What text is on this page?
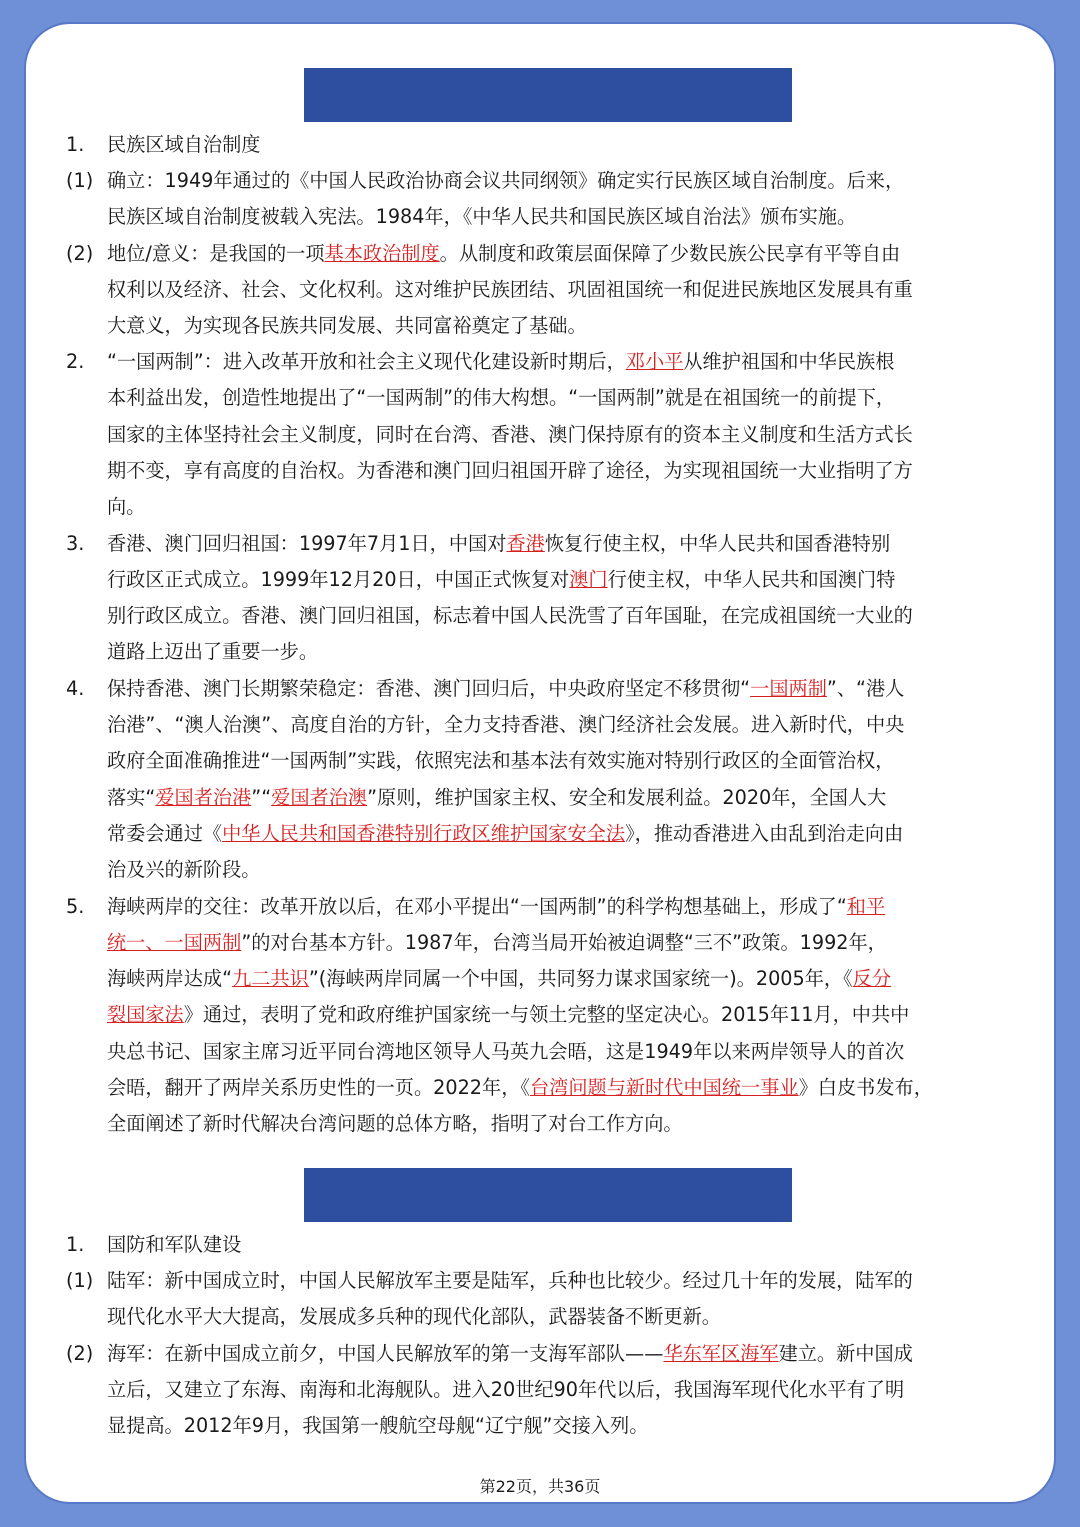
第四单元　民族团结与祖国统一

1. 民族区域自治制度
(1) 确立：1949年通过的《中国人民政治协商会议共同纲领》确定实行民族区域自治制度。后来，
民族区域自治制度被载入宪法。1984年，《中华人民共和国民族区域自治法》颁布实施。
(2) 地位/意义：是我国的一项基本政治制度。从制度和政策层面保障了少数民族公民享有平等自由
权利以及经济、社会、文化权利。这对维护民族团结、巩固祖国统一和促进民族地区发展具有重
大意义，为实现各民族共同发展、共同富裕奠定了基础。
2. “一国两制”：进入改革开放和社会主义现代化建设新时期后，邓小平从维护祖国和中华民族根
本利益出发，创造性地提出了“一国两制”的伟大构想。“一国两制”就是在祖国统一的前提下，
国家的主体坚持社会主义制度，同时在台湾、香港、澳门保持原有的资本主义制度和生活方式长
期不变，享有高度的自治权。为香港和澳门回归祖国开辟了途径，为实现祖国统一大业指明了方
向。
3. 香港、澳门回归祖国：1997年7月1日，中国对香港恢复行使主权，中华人民共和国香港特别
行政区正式成立。1999年12月20日，中国正式恢复对澳门行使主权，中华人民共和国澳门特
别行政区成立。香港、澳门回归祖国，标志着中国人民洗雪了百年国耻，在完成祖国统一大业的
道路上迈出了重要一步。
4. 保持香港、澳门长期繁荣稳定：香港、澳门回归后，中央政府坚定不移贯彻“一国两制”、“港人
治港”、“澳人治澳”、高度自治的方针，全力支持香港、澳门经济社会发展。进入新时代，中央
政府全面准确推进“一国两制”实践，依照宪法和基本法有效实施对特别行政区的全面管治权，
落实“爱国者治港”“爱国者治澳”原则，维护国家主权、安全和发展利益。2020年，全国人大
常委会通过《中华人民共和国香港特别行政区维护国家安全法》，推动香港进入由乱到治走向由
治及兴的新阶段。
5. 海峡两岸的交往：改革开放以后，在邓小平提出“一国两制”的科学构想基础上，形成了“和平
统一、一国两制”的对台基本方针。1987年，台湾当局开始被迫调整“三不”政策。1992年，
海峡两岸达成“九二共识”(海峡两岸同属一个中国，共同努力谋求国家统一)。2005年，《反分
裂国家法》通过，表明了党和政府维护国家统一与领土完整的坚定决心。2015年11月，中共中
央总书记、国家主席习近平同台湾地区领导人马英九会晤，这是1949年以来两岸领导人的首次
会晤，翻开了两岸关系历史性的一页。2022年，《台湾问题与新时代中国统一事业》白皮书发布，
全面阐述了新时代解决台湾问题的总体方略，指明了对台工作方向。

第五单元　国防建设与外交成就

1. 国防和军队建设
(1) 陆军：新中国成立时，中国人民解放军主要是陆军，兵种也比较少。经过几十年的发展，陆军的
现代化水平大大提高，发展成多兵种的现代化部队，武器装备不断更新。
(2) 海军：在新中国成立前夕，中国人民解放军的第一支海军部队——华东军区海军建立。新中国成
立后，又建立了东海、南海和北海舰队。进入20世纪90年代以后，我国海军现代化水平有了明
显提高。2012年9月，我国第一艘航空母舰“辽宁舰”交接入列。
第22页，共36页
